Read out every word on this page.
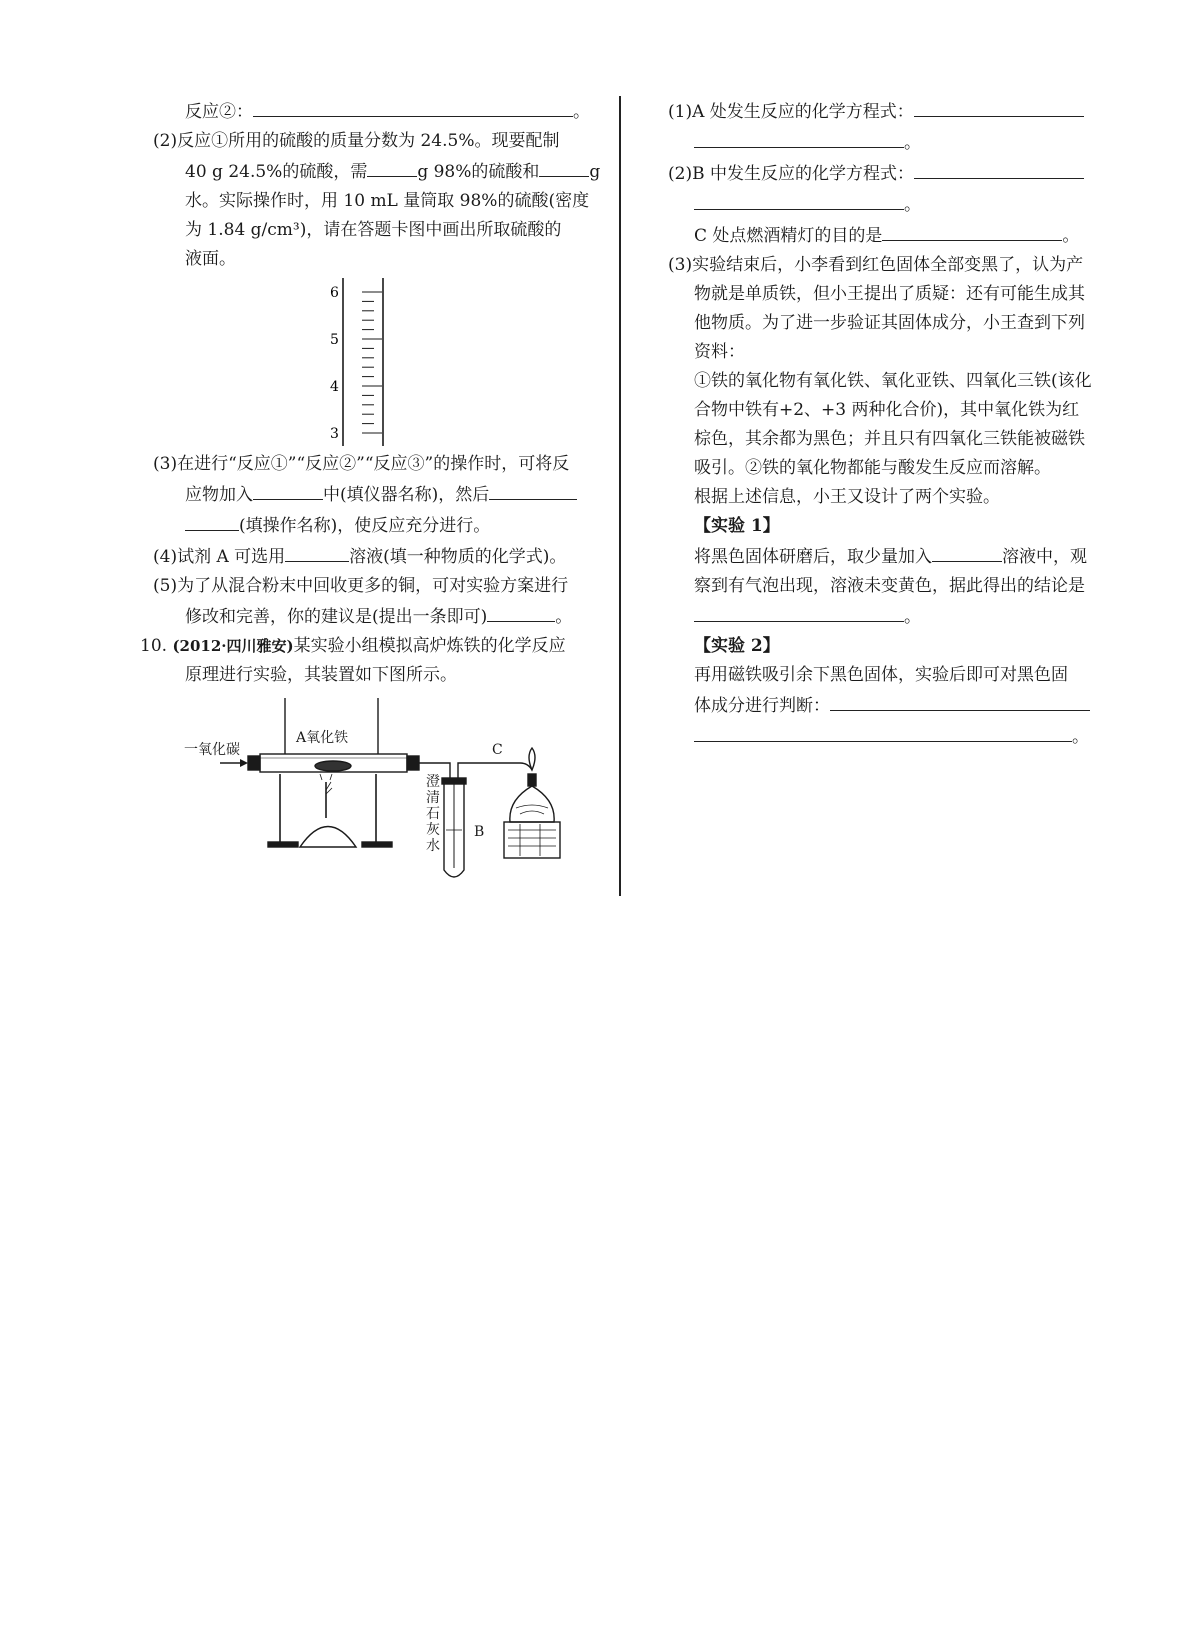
反应②：	。
(2)反应①所用的硫酸的质量分数为 24.5%。现要配制
40 g 24.5%的硫酸，需	g 98%的硫酸和	g
水。实际操作时，用 10 mL 量筒取 98%的硫酸(密度
为 1.84 g/cm³)，请在答题卡图中画出所取硫酸的
液面。
6
5
4
3
(3)在进行“反应①”“反应②”“反应③”的操作时，可将反
应物加入	中(填仪器名称)，然后
(填操作名称)，使反应充分进行。
(4)试剂 A 可选用	溶液(填一种物质的化学式)。
(5)为了从混合粉末中回收更多的铜，可对实验方案进行
修改和完善，你的建议是(提出一条即可)	。
10. (2012·四川雅安)某实验小组模拟高炉炼铁的化学反应
原理进行实验，其装置如下图所示。
一氧化碳
A氧化铁
C
澄
清
石
灰
水
B
(1)A 处发生反应的化学方程式：
。
(2)B 中发生反应的化学方程式：
。
C 处点燃酒精灯的目的是	。
(3)实验结束后，小李看到红色固体全部变黑了，认为产
物就是单质铁，但小王提出了质疑：还有可能生成其
他物质。为了进一步验证其固体成分，小王查到下列
资料：
①铁的氧化物有氧化铁、氧化亚铁、四氧化三铁(该化
合物中铁有+2、+3 两种化合价)，其中氧化铁为红
棕色，其余都为黑色；并且只有四氧化三铁能被磁铁
吸引。②铁的氧化物都能与酸发生反应而溶解。
根据上述信息，小王又设计了两个实验。
【实验 1】
将黑色固体研磨后，取少量加入	溶液中，观
察到有气泡出现，溶液未变黄色，据此得出的结论是
。
【实验 2】
再用磁铁吸引余下黑色固体，实验后即可对黑色固
体成分进行判断：
。
